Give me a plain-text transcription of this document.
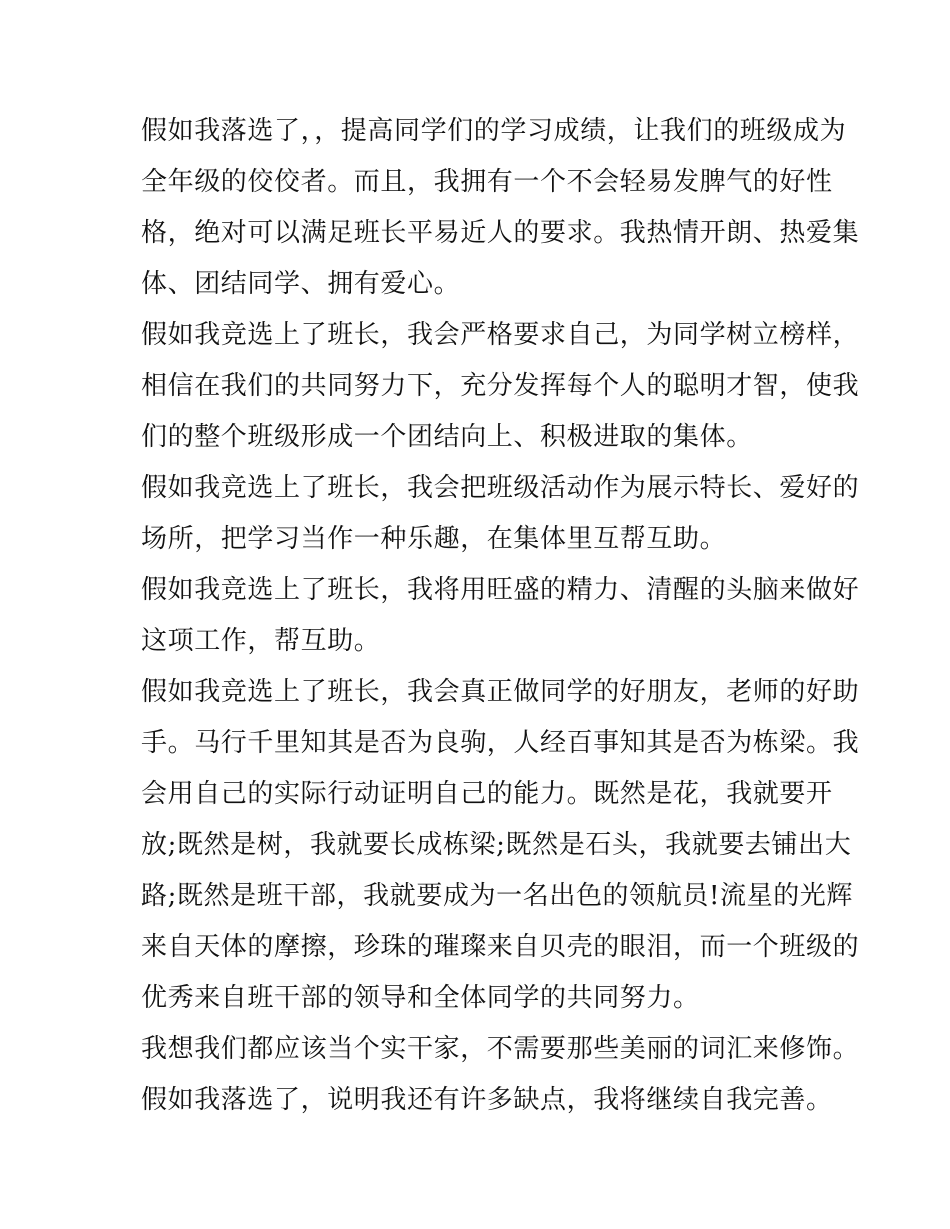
假如我落选了，，提高同学们的学习成绩，让我们的班级成为
全年级的佼佼者。而且，我拥有一个不会轻易发脾气的好性
格，绝对可以满足班长平易近人的要求。我热情开朗、热爱集
体、团结同学、拥有爱心。
假如我竞选上了班长，我会严格要求自己，为同学树立榜样，
相信在我们的共同努力下，充分发挥每个人的聪明才智，使我
们的整个班级形成一个团结向上、积极进取的集体。
假如我竞选上了班长，我会把班级活动作为展示特长、爱好的
场所，把学习当作一种乐趣，在集体里互帮互助。
假如我竞选上了班长，我将用旺盛的精力、清醒的头脑来做好
这项工作，帮互助。
假如我竞选上了班长，我会真正做同学的好朋友，老师的好助
手。马行千里知其是否为良驹，人经百事知其是否为栋梁。我
会用自己的实际行动证明自己的能力。既然是花，我就要开
放;既然是树，我就要长成栋梁;既然是石头，我就要去铺出大
路;既然是班干部，我就要成为一名出色的领航员!流星的光辉
来自天体的摩擦，珍珠的璀璨来自贝壳的眼泪，而一个班级的
优秀来自班干部的领导和全体同学的共同努力。
我想我们都应该当个实干家，不需要那些美丽的词汇来修饰。
假如我落选了，说明我还有许多缺点，我将继续自我完善。
